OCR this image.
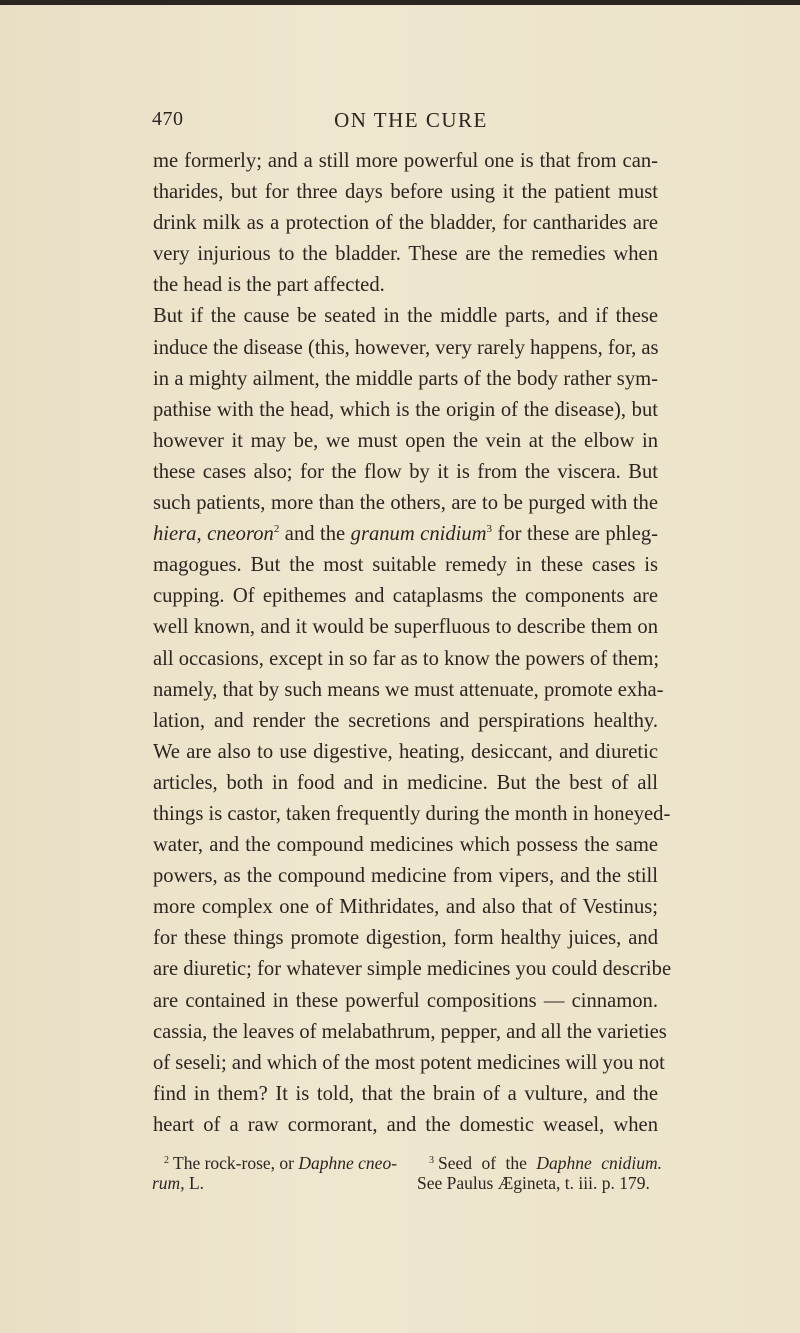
470	ON THE CURE
me formerly; and a still more powerful one is that from can-
tharides, but for three days before using it the patient must
drink milk as a protection of the bladder, for cantharides are
very injurious to the bladder. These are the remedies when
the head is the part affected.
But if the cause be seated in the middle parts, and if these
induce the disease (this, however, very rarely happens, for, as
in a mighty ailment, the middle parts of the body rather sym-
pathise with the head, which is the origin of the disease), but
however it may be, we must open the vein at the elbow in
these cases also; for the flow by it is from the viscera. But
such patients, more than the others, are to be purged with the
hiera, cneoron$^2$ and the granum cnidium$^3$ for these are phleg-
magogues. But the most suitable remedy in these cases is
cupping. Of epithemes and cataplasms the components are
well known, and it would be superfluous to describe them on
all occasions, except in so far as to know the powers of them;
namely, that by such means we must attenuate, promote exha-
lation, and render the secretions and perspirations healthy.
We are also to use digestive, heating, desiccant, and diuretic
articles, both in food and in medicine. But the best of all
things is castor, taken frequently during the month in honeyed-
water, and the compound medicines which possess the same
powers, as the compound medicine from vipers, and the still
more complex one of Mithridates, and also that of Vestinus;
for these things promote digestion, form healthy juices, and
are diuretic; for whatever simple medicines you could describe
are contained in these powerful compositions — cinnamon.
cassia, the leaves of melabathrum, pepper, and all the varieties
of seseli; and which of the most potent medicines will you not
find in them? It is told, that the brain of a vulture, and the
heart of a raw cormorant, and the domestic weasel, when
$^2$ The rock-rose, or Daphne cneo-
rum, L.
$^3$ Seed of the Daphne cnidium.
See Paulus Ægineta, t. iii. p. 179.
